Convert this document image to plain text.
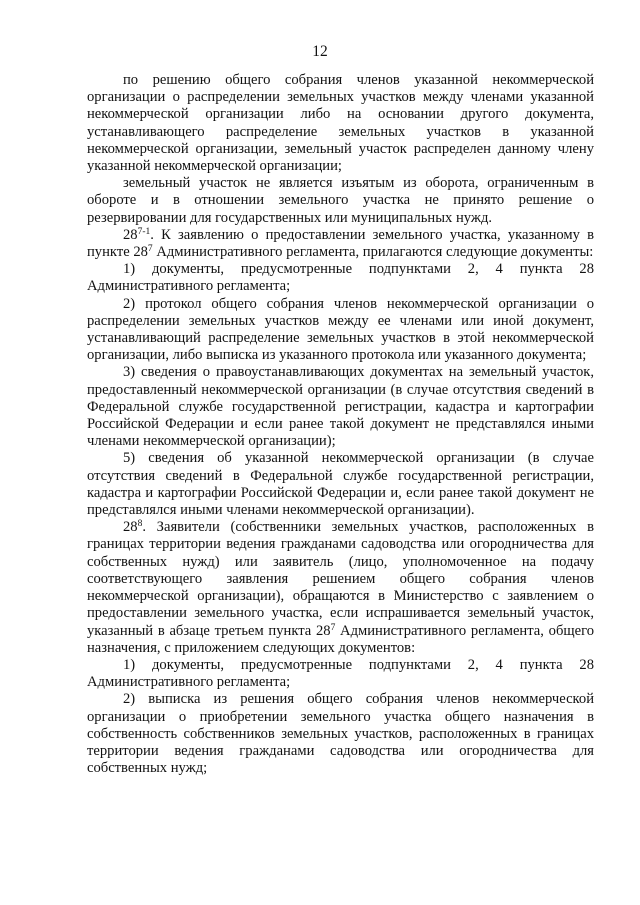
12

по решению общего собрания членов указанной некоммерческой организации о распределении земельных участков между членами указанной некоммерческой организации либо на основании другого документа, устанавливающего распределение земельных участков в указанной некоммерческой организации, земельный участок распределен данному члену указанной некоммерческой организации;

земельный участок не является изъятым из оборота, ограниченным в обороте и в отношении земельного участка не принято решение о резервировании для государственных или муниципальных нужд.

28$^{7-1}$. К заявлению о предоставлении земельного участка, указанному в пункте $28^7$ Административного регламента, прилагаются следующие документы:

1) документы, предусмотренные подпунктами 2, 4 пункта 28 Административного регламента;

2) протокол общего собрания членов некоммерческой организации о распределении земельных участков между ее членами или иной документ, устанавливающий распределение земельных участков в этой некоммерческой организации, либо выписка из указанного протокола или указанного документа;

3) сведения о правоустанавливающих документах на земельный участок, предоставленный некоммерческой организации (в случае отсутствия сведений в Федеральной службе государственной регистрации, кадастра и картографии Российской Федерации и если ранее такой документ не представлялся иными членами некоммерческой организации);

5) сведения об указанной некоммерческой организации (в случае отсутствия сведений в Федеральной службе государственной регистрации, кадастра и картографии Российской Федерации и, если ранее такой документ не представлялся иными членами некоммерческой организации).

$28^8$. Заявители (собственники земельных участков, расположенных в границах территории ведения гражданами садоводства или огородничества для собственных нужд) или заявитель (лицо, уполномоченное на подачу соответствующего заявления решением общего собрания членов некоммерческой организации), обращаются в Министерство с заявлением о предоставлении земельного участка, если испрашивается земельный участок, указанный в абзаце третьем пункта $28^7$ Административного регламента, общего назначения, с приложением следующих документов:

1) документы, предусмотренные подпунктами 2, 4 пункта 28 Административного регламента;

2) выписка из решения общего собрания членов некоммерческой организации о приобретении земельного участка общего назначения в собственность собственников земельных участков, расположенных в границах территории ведения гражданами садоводства или огородничества для собственных нужд;
